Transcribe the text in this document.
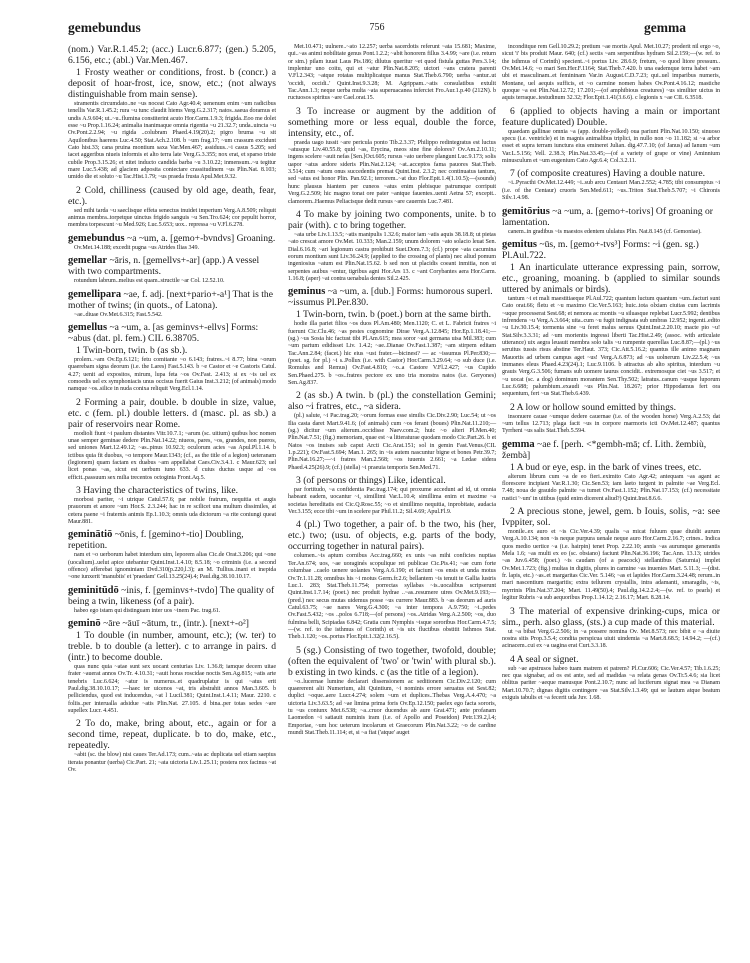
gemebundus	756	gemma

(nom.) Var.R.1.45.2; (acc.) Lucr.6.877; (gen.) 5.205, 6.156, etc.; (abl.) Var.Men.467.

1 Frosty weather or conditions, frost. b (concr.) a deposit of hoar-frost, ice, snow, etc.; (not always distinguishable from main sense).

stramentis circumdato..ne ~us noceat Cato Agr.40.4; uenenum enim ~um radicibus tenellis Var.R.1.45.2; rura ~u tunc claudit hiems Verg.G.2.317; natos..saeua doramus et undis A.9.604; ut..~u..flumina constiterint acuto Hor.Carm.1.9.3; frigida..Eoo me dolet esse ~u Prop.1.16.24; animalia inanimaque omnia rigentia ~u 21.32.7; unda..uincta ~u Ov.Pont.2.2.94; ~u rigida ..colubram Phaed.4.19(20).2; pigro bruma ~u sit Aquilonibus haerens Luc.4.50; Stat.Ach.2.108. b ~um frag.17; ~um crassum excidunt Cato hist.33; cana pruina montium saxa Var.Men.467; assiduus..~i casus 5.205; sed iacet aggeribus niueis informis et alto terra late Verg.G.3.355; nox erat, et sparso triste cubile Prop.3.15.26; et nitet inducto candida barba ~u 3.10.22; inmensum..~u tegitur mare Luc.5.438; ad glaciem adposita coniectare crassitudinem ~us Plin.Nat. 8.103; umido die et soluto ~u Tac.Hist.1.79; ~us praeda frusta Apul.Met.9.32.

2 Cold, chilliness (caused by old age, death, fear, etc.).

sed mihi tarda ~u saeclisque effeta senectus inuidet imperium Verg.A.8.509; reliquit animus membra..torpetque uinctus frigido sanguis ~u Sen.Tro.624; cor pepulit horror, membra torpescunt ~u Med.926; Luc.5.653; uox.. repressa ~u V.Fl.6.278.

gemebundus ~a ~um, a. [gemo+-bvndvs] Groaning.

Ov.Met.14.188; excedit pugna ~us Atrides Ilias 349.

gemellar ~āris, n. [gemellvs+-ar] (app.) A vessel with two compartments.

rotundum labrum..melius est quam..structile ~ar Col. 12.52.10.

gemellipara ~ae, f. adj. [next+pario+-a¹] That is the mother of twins; (in quots., of Latona).

~ae..diuae Ov.Met.6.315; Fast.5.542.

gemellus ~a ~um, a. [as geminvs+-ellvs] Forms: ~abus (dat. pl. fem.) CIL 6.38705.

1 Twin-born, twin. b (as sb.).

prolem..~am Ov.Ep.6.121; fetu comitante ~o 6.143; fratres..~i 8.77; bina ~orum quaerebam signa deorum (i.e. the Lares) Fast.5.143. b ~e Castor et ~e Castoris Catul. 4.27; uenit ad expositos, mirum, lupa feta ~os Ov.Fast. 2.413; si ex ~is uel ex comoedis uel ex symphoniacis unus occisus fuerit Gaius Inst.3.212; (of animals) modo namque ~os..silice in nuda conixa reliquit Verg.Ecl.1.14.

2 Forming a pair, double. b double in size, value, etc. c (fem. pl.) double letters. d (masc. pl. as sb.) a pair of reservoirs near Rome.

modioli fiunt ~i paulum distantes Vitr.10.7.1; ~arum (sc. uitium) quibus hoc nomen unae semper geminae dedere Plin.Nat.14.22; niueos, pares, ~os, grandes, non pueros, sed uniones Mart.12.49.12; ~as..pinus 10.92.3; oculorum acies ~as Apul.Pl.1.14. b ictibus quia fit duobus, ~o tempore Maur.1343; (cf., as the title of a legion) ueteranam (legionem) quam factam ex duabus ~am appellabat Caes.Civ.3.4.1. c Maur.623; uel licet ponas ~as, sicut est uerbum iuno 633. d cuius ductus usque ad ~os efficit..passuum sex milia trecentos octoginta Front.Aq.5.

3 Having the characteristics of twins, like.

morbosi pariter, ~i utrique Catul.57.6; par nobile fratrum, nequitia et augis prauorum et amore ~um Hor.S. 2.3.244; hac in re scilicet una multum dissimiles, at cetera paene ~i fraternis animis Ep.1.10.3; omnis uda dictorum ~a rite coniungi queat Maur.881.

geminātiō ~ōnis, f. [gemino+-tio] Doubling, repetition.

nam et ~o uerborum habet interdum uim, leporem alias Cic.de Orat.3.206; qui ~one (uocalium)..uelut apice utebantur Quint.Inst.1.4.10; 8.5.18; ~o criminis (i.e. a second offence) afferebat ignominiam Dvd.310(p.220,l.3); an M. Tullius..inani et inepida ~one iunxerit 'manubiis' et 'praedam' Gell.13.25(24).4; Paul.dig.38.10.10.17.

geminitūdō ~inis, f. [geminvs+-tvdo] The quality of being a twin, likeness (of a pair).

habeo ego istam qui distinguam inter uos ~inem Pac. trag.61.

geminō ~āre ~āuī ~ātum, tr., (intr.). [next+-o²]

1 To double (in number, amount, etc.); (w. ter) to treble. b to double (a letter). c to arrange in pairs. d (intr.) to become double.

quas nunc quia ~atae sunt sex uocant centurias Liv. 1.36.8; iamque decem uitae frater ~auerat annos Ov.Tr. 4.10.31; ~auit horas roscidae noctis Sen.Ag.815; ~atis arte tenebris Luc.6.624; ~atur is numerus..et quadruplatur is qui ~atus erit Paul.dig.38.10.10.17; —haec ter uicenos ~at, tris abstrahit annos Man.3.605. b pelliciendus, quod est inducendus, ~at l Lucil.381; Quint.Inst.1.4.11; Maur. 2210. c foliis..per interualla adsidue ~atis Plin.Nat. 27.105. d bina..per totas sedes ~are supellex Lucr. 4.451.

2 To do, make, bring about, etc., again or for a second time, repeat, duplicate. b to do, make, etc., repeatedly.

~abit (sc. the blow) nisi caues Ter.Ad.173; cum..~ata ac duplicata uel etiam saepius iterata ponantur (uerba) Cic.Part. 21; ~ata uictoria Liv.1.25.11; postera nox facinus ~at Ov.

Met.10.471; uulnere..~ato 12.257; uerba sacerdotis referunt ~ata 15.681; Maxime, qui..~as animi nobilitate genus Pont.1.2.2; ~abit honorem fillus 3.4.99; ~are (i.e. return or sim.) pilam iuuat Laus Pis.186; dilutus queritur ~et quod fistula guttas Pers.3.14; implentur uno coitu, qui et ~atur Plin.Nat.8.205; uictori ~ans cratera parenti V.Fl.2.343; ~atque rotatas multiplicatque manus Stat.Theb.6.790; uerba ~antur..ut 'occidi, occidi..' Quint.Inst.9.3.28; M. Agrippam..~atis consulatibus extulit Tac.Ann.1.3; neque uerba multa ~ata superuacanea inferciet Fro.Aur.1.p.40 (212N). b ructuosos spiritus ~are Cael.orat.15.

3 To increase or augment by the addition of something more or less equal, double the force, intensity, etc., of.

praeda uago iussit ~are pericula ponto Tib.2.3.37; Philippo redintegratus est luctus ~atusque Liv.40.55.8; quid ~as, Erycina, meos sine fine dolores? Ov.Am.2.10.11; ingens scelere ~auit nefas [Sen.]Oct.605; rursus ~ato uerbere plangunt Luc.9.173; solis uapor ~atus ardore sideris Plin.Nat.2.124; ~at..acceptos fama pauores Stat.Theb. 3.514; cum ~atum onus succedentis premat Quint.Inst. 2.3.2; nec continuatus tantum, sed ~atus est honor Plin. Pan.92.1; terrorem..~at duo Flor.Epit.1.4(1.10.5);—(sounds) hunc plausus hiantem per cuneos ~atus enim plebisque patrumque corripuit Verg.G.2.509; hic magno tonat ore pater ~antque fauentes..uenti Aetna 57; excepit.. clamorem..Haemus Peliacisque dedit rursus ~are cauernis Luc.7.481.

4 To make by joining two components, unite. b to pair (with). c to bring together.

~ata urbe Liv.1.13.5; ~atis manipulis 1.32.6; maior iam ~atis aquis 38.18.8; ut pietas ~ato crescat amore Ov.Met. 10.333; Man.2.159; unum dolorem ~ato solacio leuat Sen. Dial.6.16.8; ~ari legionum castra prohibuit Suet.Dom.7.3; (cf.) prope ~ata cacumina eorum montium sunt Liv.36.24.9; (applied to the crossing of plants) nec aliud pomum ingeniosius ~atum est Plin.Nat.15.62. b sed non ut placidis coeant inmitia, non ut serpentes auibus ~entur, tigribus agni Hor.Ars 13. c ~ant Corybantes aera Hor.Carm. 1.16.8; (aper) ~at contra uenabula dentes Sil.2.425.

geminus ~a ~um, a. [dub.] Forms: humorous superl. ~issumus Pl.Per.830.

1 Twin-born, twin. b (poet.) born at the same birth.

hodie illa pariet filios ~os duos Pl.Am.480; Men.1120; C. et L. Fabricii fratres ~i fuerunt Cic.Clu.46; ~as pestes cognomine Dirae Verg.A.12.845; Hor.Ep.1.18.41;—(sg.) ~us Sosia hic factust tibi Pl.Am.615; mea soror ~ast germana uisa Mil.383; cum ~um partum edidisset Liv. 1.4.2; ~ae..Dianae Ov.Fast.1.387; ~am stirpem editam Tac.Ann.2.84; (facet.) hic eius ~ust frater.—bicinest? — ac ~issumus Pl.Per.830;—(poet. sg. for pl.) ~i s..Pollux (i.e. with Castor) Hor.Carm.3.29.64; ~o sub duce (i.e. Romulus and Remus) Ov.Fast.4.810; ~o..a Castore V.Fl.2.427; ~us Cupido Sen.Phaed.275. b ~os..fratres pectore ex uno tria monstra natos (i.e. Geryones) Sen.Ag.837.

2 (as sb.) A twin. b (pl.) the constellation Gemini; also ~i fratres, etc., ~a sidera.

(pl.) salute, ~i Pac.trag.20; ~orum formas esse similis Cic.Div.2.90; Luc.54; ut ~os Ilia casta daret Mart.9.41.6; (of animals) cum ~os ferant (boues) Plin.Nat.11.210;—(sg.) dicitur ~um alterum..occidisse Naev.com.2; huic ~o alteri Pl.Men.40; Plin.Nat.7.51; (fig.) memoriam, quae est ~a litteraturae quodam modo Cic.Part.26. b et Natos ~os inuises sub caput Arcti Cic.Arat.151; sol in gemin Fast.Venus.(CIL 1.p.221); Ov.Fast.5.694; Man.1. 265; in ~is autem nascuntur bigne et bones Petr.39.7; Plin.Nat.16.27;—~i fratres Man.2.568; ~os iuuenis 2.661; ~a Ledae sidera Phaed.4.25(26).9; (cf.) (stella) ~i praeuia temporis Sen.Med.71.

3 (of persons or things) Like, identical.

par fortitudo, ~a confidentia Pac.trag.174; qui proxume accedunt ad id, ut omnia habeant eadem, uocantur ~i, simillimi Var.L.10.4; simillima enim et maxime ~a societas hereditatis est Cic.Q.Rosc.55; ~o et simillimo nequitia, inprobitate, audacia Ver.3.155; ecce tibi ~um in scelere par Phil.11.2; Sil.4.69; Apul.Fl.9.

4 (pl.) Two together, a pair of. b the two, his (her, etc.) two; (usu. of objects, e.g. parts of the body, occurring together in natural pairs).

columen..~is aptum cornibus Acc.trag.660; ex unis ~as mihi conficies nuptias Ter.An.674; uos, ~ae uoraginés scopulique rei publicae Cic.Pis.41; ~ae cum forte columbae ..caelo uenere uolantes Verg.A.6.190; et faciunt ~os ensis et unda motus Ov.Tr.1.11.28; omnibus his ~i motus Germ.fr.2.6; bellantem ~is tenuit te Gallia lustris Luc.1. 283; Stat.Theb.11.754; porrectas syllabas ~is..uocalibus scripserunt Quint.Inst.1.7.14; (poet.) nec produit hydrae ..~as..resumere uires Ov.Met.9.193;—(pred.) nec secus mutas uidemus posse ~us currere Maur.883. b ~as deorum ad auris Catul.63.75; ~ae nares Verg.G.4.300; ~a inter tempora A.9.750; ~i..pedes Ov.Fast.5.432; ~os ..polos 6.718;—(of persons) ~os..Atridas Verg.A.2.500; ~os, duo fulmina belli, Scipiadas 6.842; Gratia cum Nymphis ~isque sororibus Hor.Carm.4.7.5;—(w. ref. to the isthmus of Corinth) et ~is uix fluctibus obstitit Isthmos Stat. Theb.1.120; ~os..portus Flor.Epit.1.32(2.16.5).

5 (sg.) Consisting of two together, twofold, double; (often the equivalent of 'two' or 'twin' with plural sb.). b existing in two kinds. c (as the title of a legion).

~o..lucernae lumine declarari dissensionem ac seditionem Cic.Div.2.120; cum quaererent alii Numerium, alii Quintium, ~i nominis errore seruatus est Sest.82; duplici ~oque..aere Lucr.4.274; solem ~um et duplices..Thebas Verg.A.4.470; ~a uictoria Liv.3.63.5; ad ~ae limina prima foris Ov.Ep.12.150; paelex ego facta sororis, tu ~us coniunx Met.6.538; ~a..cruor ducendus ab aure Grat.471; ante profanam Laomedon ~i satiauit numinis iram (i.e. of Apollo and Poseidon) Petr.139.2,l.4; Emporiae, ~um hoc ueterum incolarum et Graecorum Plin.Nat.3.22; ~o de cardine mundi Stat.Theb.11.114; et, si ~a fiat ('atque' auget

inconditque rem Gell.10.29.2; pretium ~ae mortis Apul. Met.10.27; proderit nil ergo ~o, sicut 'i' bis produit Maur. 640; (cf.) sectis ~am serpentibus hydram Sil.2.159;—(w. ref. to the isthmus of Corinth) specient..~i portus Liv. 28.6.9; fretum, ~o quod litore pressum.. Ov.Met.14.6; ~o mari Sen.Her.F.1164; Stat.Theb.7.420. b una eademque terra habet ~am ubi et masculinam..et femininam Var.in August.C.D.7.23; qui..uel imparibus numeris, Montane, uel aequis sufficis, et ~o carmine nomen habes Ov.Pont.4.16.12; mastiche quoque ~a est Plin.Nat.12.72; 17.201;—(of amphibious creatures) ~us similiter uictus in aquis terraque..testudinum 32.32; Flor.Epit.1.41(3.6.6). c legionis x ~ae CIL 6.3518.

6 (applied to objects having a main or important feature duplicated) Double.

quaedam gallinae omnia ~a (app. double-yolked) oua pariunt Plin.Nat.10.150; sinuoso specu (i.e. ventricle) et in magnis animalibus triplici, in nullo non ~o 11.182; si ~a arbor esset et supra terram iunctura eius emineret Julian. dig.47.7.10; (of Janus) ad Ianum ~um Var.L.5.156; Vell. 2.38.3; Plin.Nat.33.45;—(of a variety of grape or vine) Aminnium minusculum et ~um eugenium Cato Agr.6.4; Col.3.2.11.

7 (of composite creatures) Having a double nature.

~i..Pyracthi Ov.Met.12.449; ~i..sub arcu Centauri Man.2.552; 4.785; tibi consumptus ~i (i.e. of the Centaur) cruoris Sen.Med.611; ~us..Triton Stat.Theb.5.707; ~i Chironis Silv.1.4.98.

gemitōrius ~a ~um, a. [gemo+-torivs] Of groaning or lamentation.

canem..in gradibus ~is maestos edentem ululatus Plin. Nat.8.145 (cf. Gemoniae).

gemitus ~ūs, m. [gemo+-tvs³] Forms: ~i (gen. sg.) Pl.Aul.722.

1 An inarticulate utterance expressing pain, sorrow, etc., groaning, moaning. b (applied to similar sounds uttered by animals or birds).

tantum ~i et mali maestitiaeque Pl.Aul.722; quantum luctum quantum ~um..facturi sunt Cato orat.66; fletu et ~u maximo Cic.Ver.5.163; huic..tota olxiam ciuitas cum lacrimis ~uque processerat Sest.68; et nemora ac montis ~u siluasque replebat Lucr.5.992; dentibus infrendens ~u Verg.A.3.664; uita..cum ~u fugit indignata sub umbras 12.952; ingenti..edito ~u Liv.30.15.4; tormenta sine ~u feret malus seruus Quint.Inst.2.20.10; macte pio ~u! Stat.Silv.3.3.31; ad ~um morientis ingressi liberti Tac.Hist.2.49; (assoc. with articulate utterance) uix aegra leuauit membra solo talis ~u rumpente querellas Luc.8.87;—(pl.) ~us seruitus tussis risus abstine Ter.Haut. 373; Cic.Att.5.16.2; quantus ille animo magnam Mauortis ad urbem campus aget ~us! Verg.A.6.873; ad ~us uolnerum Liv.22.5.4; ~us immanes eleus Phaed.4.23(24).1; Luc.9.1106. b attractus ab alto spiritus, interdum ~u grauis Verg.G.3.506; fumans sub uomere taurus concidit.. extremosque ciet ~us 3.517; et ~u uocat (sc. a dog) dominum morantem Sen.Thy.502; latratus..canum ~usque luporum Luc.6.688; palumbium..exaudi ~us Plin.Nat. 18.267; prior Hippodamus fert ora sequentum, fert ~us Stat.Theb.6.439.

2 A low or hollow sound emitted by things.

insonuere cauae ~umque dedere cauernae (i.e. of the wooden horse) Verg.A.2.53; dat ~um tellus 12.713; plaga facit ~us in corpore marmoris icti Ov.Met.12.487; quantus Tyrrheni ~us salis Stat.Theb.5.594.

gemma ~ae f. [perh. <*gembh-mā; cf. Lith. žembiù, žembà]

1 A bud or eye, esp. in the bark of vines trees, etc.

alterum librum cum ~a de eo fieri..eximito Cato Agr.42; antequam ~as agant ac florescere incipiant Var.R.1.30; Cic.Sen.53; iam laeto turgent in palmite ~ae Verg.Ecl. 7.48; noua de grauido palmite ~a tumet Ov.Fast.1.152; Plin.Nat.17.153; (cf.) necessitate rustici '~um' in uitibus (quid enim dicerent aliud?) Quint.Inst.8.6.6.

2 A precious stone, jewel, gem. b Iouis, solis, ~a: see Ivppiter, sol.

monile..ex auro et ~is Cic.Ver.4.39; qualis ~a micat fuluum quae diuidit aurum Verg.A.10.134; non ~is neque purpura uenale neque auro Hor.Carm.2.16.7; crines.. Indica quos medio uertice ~a (i.e. hairpin) tenet Prop. 2.22.10; annis ~as aurumque generantis Mela 1.6; ~as multi ex eo (sc. obsiano) faciunt Plin.Nat.36.196; Tac.Ann. 13.13; uirides ~as Juv.6.458; (poet.) ~is caudam (of a peacock) stellantibus (Saturnia) implet Ov.Met.1.723; (fig.) multas in digitis, plures in carmine ~as inuenies Mart. 5.11.3; —(dist. fr. lapis, etc.) ~as..et margaritas Cic.Ver. 5.146; ~as et lapides Hor.Carm.3.24.48; rerum..in mari nascentium margaritis; extra tellurem crystallis, intra adamanti, smaragdis, ~is, myrrinis Plin.Nat.37.204; Mart. 11.49(50).4; Paul.dig.14.2.2.4;—(w. ref. to pearls) et legitur Rubris ~a sub aequoribus Prop.1.14.12; 2.16.17; Mart. 8.28.14.

3 The material of expensive drinking-cups, mica or sim., perh. also glass, (sts.) a cup made of this material.

ut ~a bibat Verg.G.2.506; in ~a possere nomina Ov. Met.8.573; nec bibit e ~a diuite nostra sitis Prop.3.5.4; condita perspicua uiuit uindemia ~a Mart.8.68.5; 14.94.2; —(cf.) acinacem..cui ex ~a uagina erat Curt.3.3.18.

4 A seal or signet.

sub ~ae apstrusos habeo tuam matrem et patrem? Pl.Cur.606; Cic.Ver.4.57; Tib.1.6.25; nec qua signabar, ad os est ante, sed ad madidas ~a relata genas Ov.Tr.5.4.6; sia licet oblitus pariter ~aeque manusque Pont.2.10.7; nunc ad luciferum signat mea ~a Dianam Mart.10.70.7; dignas digitis contingere ~as Stat.Silv.1.3.49; qui se lautum atque beatum exiguis tabulis et ~a fecerit uda Juv. 1.68.
